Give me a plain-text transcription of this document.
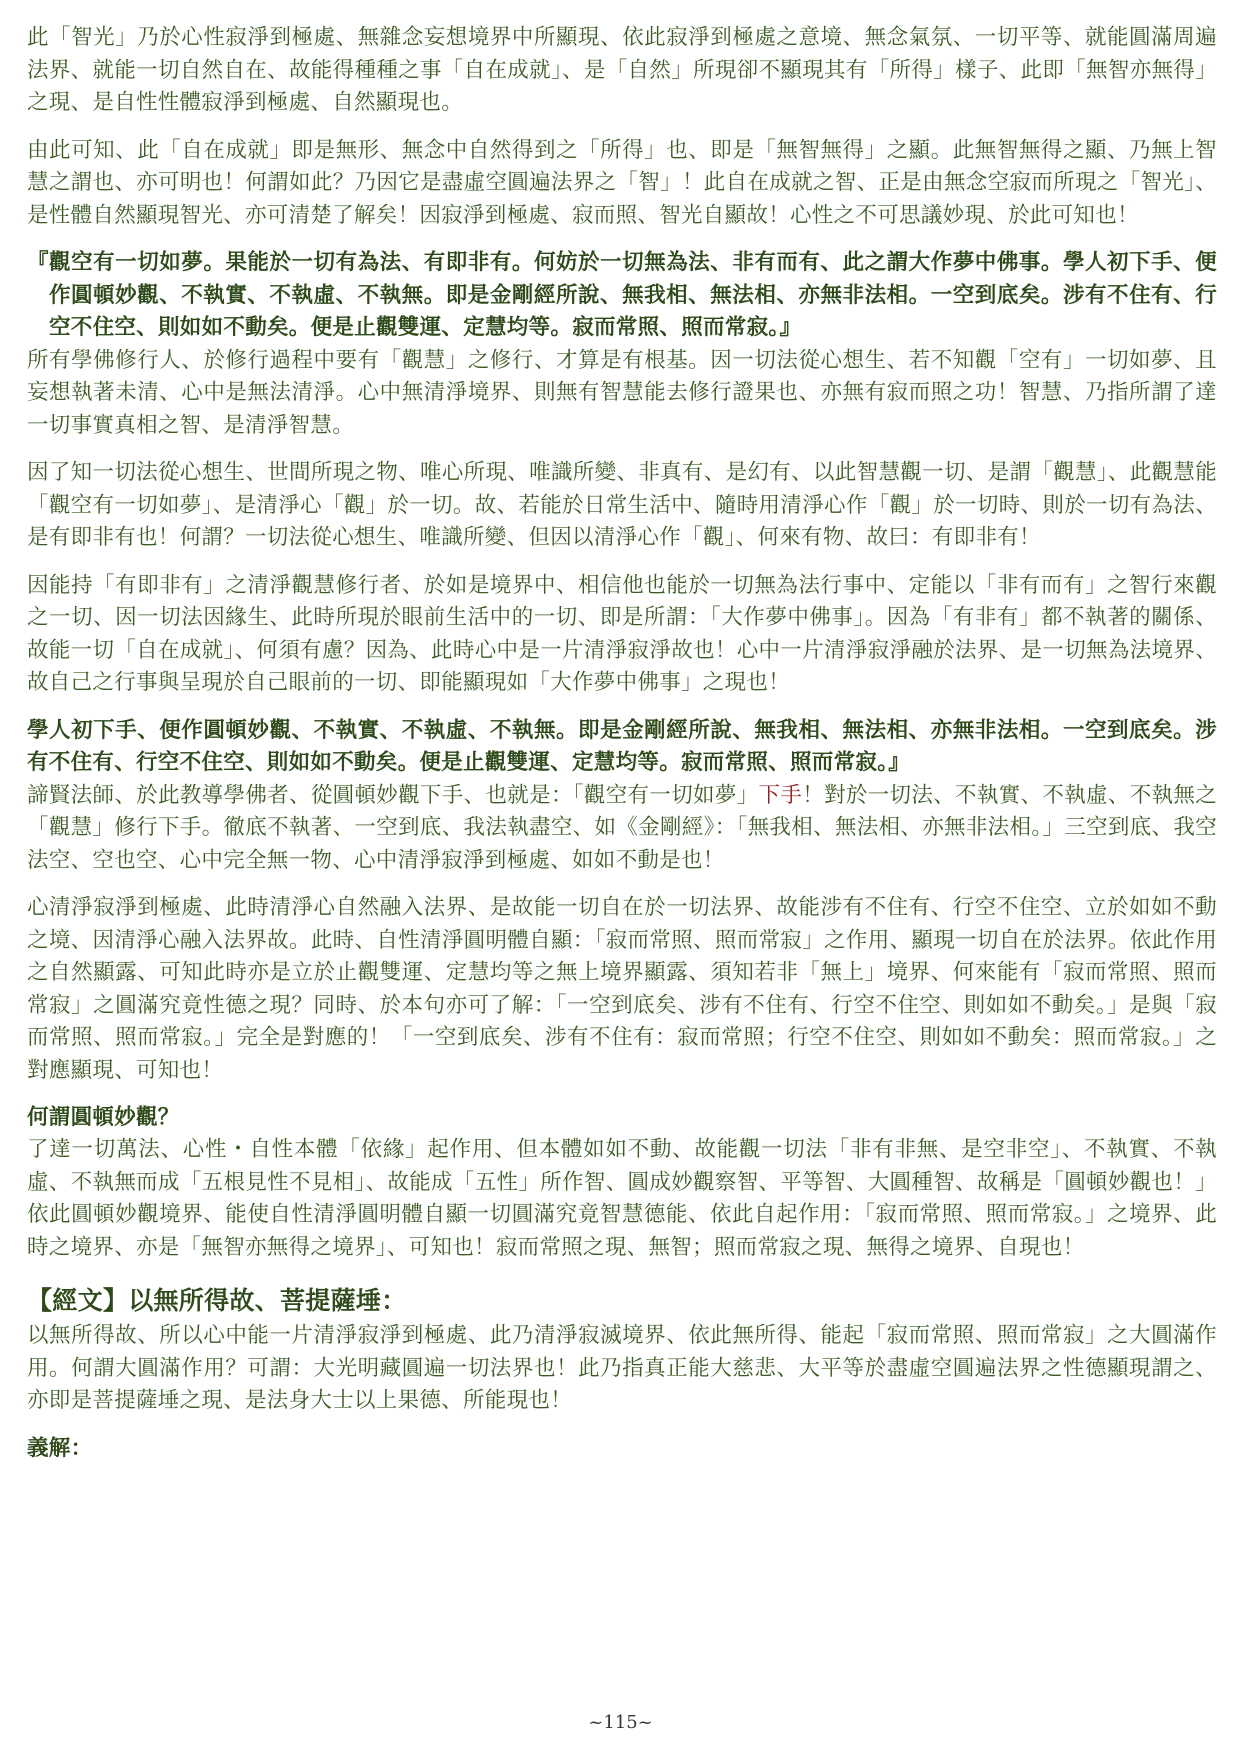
此「智光」乃於心性寂淨到極處、無雜念妄想境界中所顯現、依此寂淨到極處之意境、無念氣氛、一切平等、就能圓滿周遍法界、就能一切自然自在、故能得種種之事「自在成就」、是「自然」所現卻不顯現其有「所得」樣子、此即「無智亦無得」之現、是自性性體寂淨到極處、自然顯現也。

由此可知、此「自在成就」即是無形、無念中自然得到之「所得」也、即是「無智無得」之顯。此無智無得之顯、乃無上智慧之謂也、亦可明也！何謂如此？乃因它是盡虛空圓遍法界之「智」！此自在成就之智、正是由無念空寂而所現之「智光」、是性體自然顯現智光、亦可清楚了解矣！因寂淨到極處、寂而照、智光自顯故！心性之不可思議妙現、於此可知也！

『觀空有一切如夢。果能於一切有為法、有即非有。何妨於一切無為法、非有而有、此之謂大作夢中佛事。學人初下手、便作圓頓妙觀、不執實、不執虛、不執無。即是金剛經所說、無我相、無法相、亦無非法相。一空到底矣。涉有不住有、行空不住空、則如如不動矣。便是止觀雙運、定慧均等。寂而常照、照而常寂。』

所有學佛修行人、於修行過程中要有「觀慧」之修行、才算是有根基。因一切法從心想生、若不知觀「空有」一切如夢、且妄想執著未清、心中是無法清淨。心中無清淨境界、則無有智慧能去修行證果也、亦無有寂而照之功！智慧、乃指所謂了達一切事實真相之智、是清淨智慧。

因了知一切法從心想生、世間所現之物、唯心所現、唯識所變、非真有、是幻有、以此智慧觀一切、是謂「觀慧」、此觀慧能「觀空有一切如夢」、是清淨心「觀」於一切。故、若能於日常生活中、隨時用清淨心作「觀」於一切時、則於一切有為法、是有即非有也！何謂？一切法從心想生、唯識所變、但因以清淨心作「觀」、何來有物、故曰：有即非有！

因能持「有即非有」之清淨觀慧修行者、於如是境界中、相信他也能於一切無為法行事中、定能以「非有而有」之智行來觀之一切、因一切法因緣生、此時所現於眼前生活中的一切、即是所謂：「大作夢中佛事」。因為「有非有」都不執著的關係、故能一切「自在成就」、何須有慮？因為、此時心中是一片清淨寂淨故也！心中一片清淨寂淨融於法界、是一切無為法境界、故自己之行事與呈現於自己眼前的一切、即能顯現如「大作夢中佛事」之現也！

學人初下手、便作圓頓妙觀、不執實、不執虛、不執無。即是金剛經所說、無我相、無法相、亦無非法相。一空到底矣。涉有不住有、行空不住空、則如如不動矣。便是止觀雙運、定慧均等。寂而常照、照而常寂。』

諦賢法師、於此教導學佛者、從圓頓妙觀下手、也就是：「觀空有一切如夢」下手！對於一切法、不執實、不執虛、不執無之「觀慧」修行下手。徹底不執著、一空到底、我法執盡空、如《金剛經》：「無我相、無法相、亦無非法相。」三空到底、我空法空、空也空、心中完全無一物、心中清淨寂淨到極處、如如不動是也！

心清淨寂淨到極處、此時清淨心自然融入法界、是故能一切自在於一切法界、故能涉有不住有、行空不住空、立於如如不動之境、因清淨心融入法界故。此時、自性清淨圓明體自顯：「寂而常照、照而常寂」之作用、顯現一切自在於法界。依此作用之自然顯露、可知此時亦是立於止觀雙運、定慧均等之無上境界顯露、須知若非「無上」境界、何來能有「寂而常照、照而常寂」之圓滿究竟性德之現？同時、於本句亦可了解：「一空到底矣、涉有不住有、行空不住空、則如如不動矣。」是與「寂而常照、照而常寂。」完全是對應的！「一空到底矣、涉有不住有：寂而常照；行空不住空、則如如不動矣：照而常寂。」之對應顯現、可知也！

何謂圓頓妙觀？

了達一切萬法、心性・自性本體「依緣」起作用、但本體如如不動、故能觀一切法「非有非無、是空非空」、不執實、不執虛、不執無而成「五根見性不見相」、故能成「五性」所作智、圓成妙觀察智、平等智、大圓種智、故稱是「圓頓妙觀也！」依此圓頓妙觀境界、能使自性清淨圓明體自顯一切圓滿究竟智慧德能、依此自起作用：「寂而常照、照而常寂。」之境界、此時之境界、亦是「無智亦無得之境界」、可知也！寂而常照之現、無智；照而常寂之現、無得之境界、自現也！

【經文】以無所得故、菩提薩埵：

以無所得故、所以心中能一片清淨寂淨到極處、此乃清淨寂滅境界、依此無所得、能起「寂而常照、照而常寂」之大圓滿作用。何謂大圓滿作用？可謂：大光明藏圓遍一切法界也！此乃指真正能大慈悲、大平等於盡虛空圓遍法界之性德顯現謂之、亦即是菩提薩埵之現、是法身大士以上果德、所能現也！

義解：

~115~
